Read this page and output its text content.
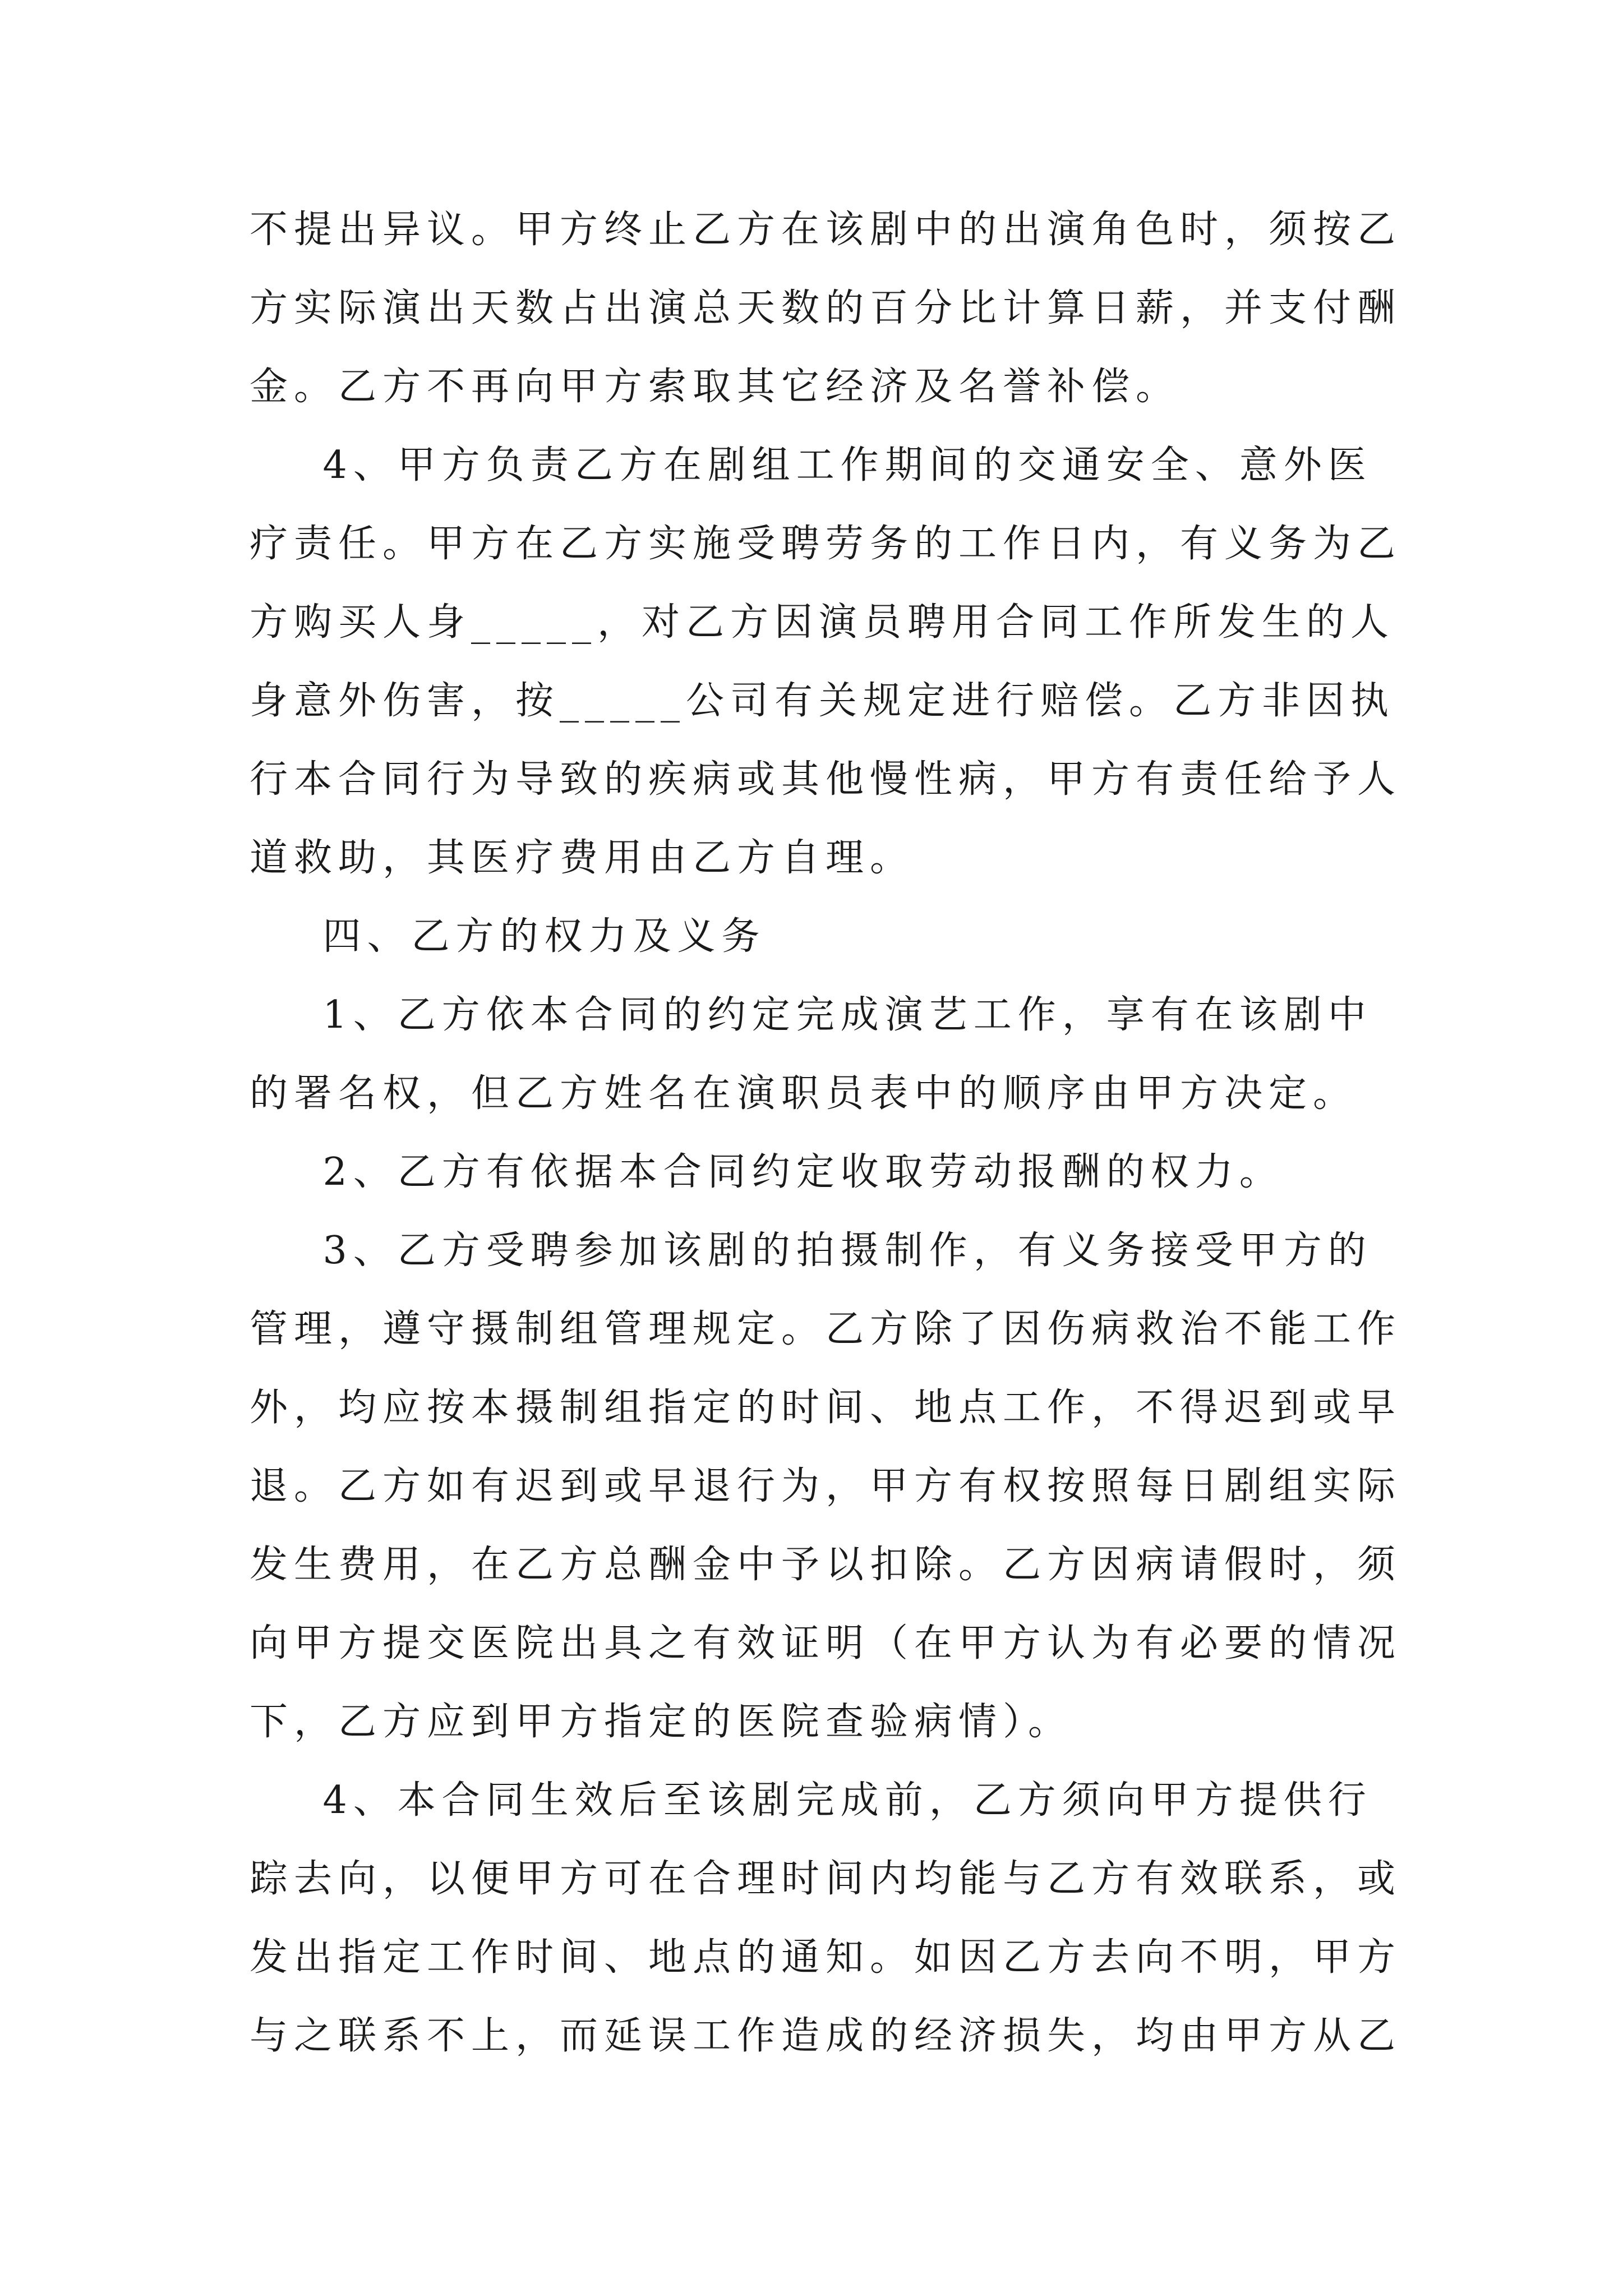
不提出异议。甲方终止乙方在该剧中的出演角色时，须按乙
方实际演出天数占出演总天数的百分比计算日薪，并支付酬
金。乙方不再向甲方索取其它经济及名誉补偿。
4、甲方负责乙方在剧组工作期间的交通安全、意外医
疗责任。甲方在乙方实施受聘劳务的工作日内，有义务为乙
方购买人身_____，对乙方因演员聘用合同工作所发生的人
身意外伤害，按_____公司有关规定进行赔偿。乙方非因执
行本合同行为导致的疾病或其他慢性病，甲方有责任给予人
道救助，其医疗费用由乙方自理。
四、乙方的权力及义务
1、乙方依本合同的约定完成演艺工作，享有在该剧中
的署名权，但乙方姓名在演职员表中的顺序由甲方决定。
2、乙方有依据本合同约定收取劳动报酬的权力。
3、乙方受聘参加该剧的拍摄制作，有义务接受甲方的
管理，遵守摄制组管理规定。乙方除了因伤病救治不能工作
外，均应按本摄制组指定的时间、地点工作，不得迟到或早
退。乙方如有迟到或早退行为，甲方有权按照每日剧组实际
发生费用，在乙方总酬金中予以扣除。乙方因病请假时，须
向甲方提交医院出具之有效证明（在甲方认为有必要的情况
下，乙方应到甲方指定的医院查验病情）。
4、本合同生效后至该剧完成前，乙方须向甲方提供行
踪去向，以便甲方可在合理时间内均能与乙方有效联系，或
发出指定工作时间、地点的通知。如因乙方去向不明，甲方
与之联系不上，而延误工作造成的经济损失，均由甲方从乙
